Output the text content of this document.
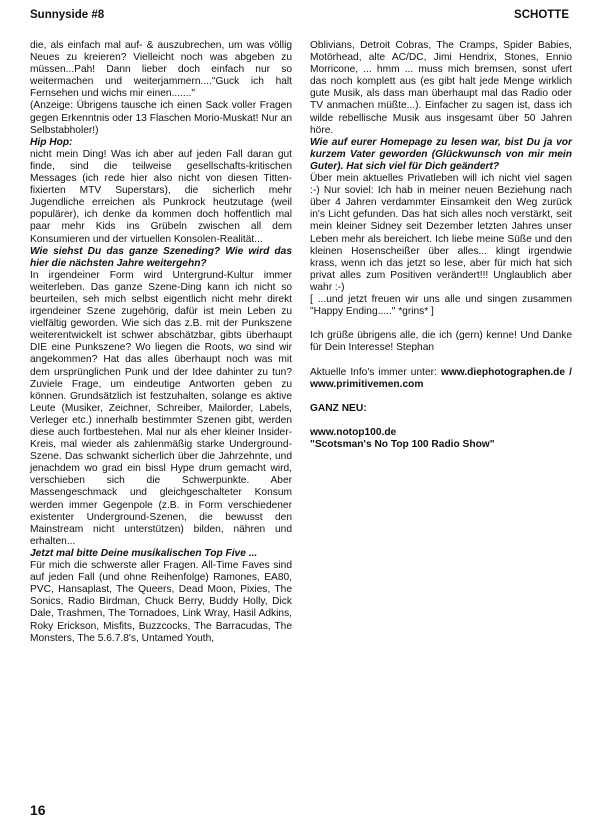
Sunnyside #8	SCHOTTE

die, als einfach mal auf- & auszubrechen, um was völlig Neues zu kreieren? Vielleicht noch was abgeben zu müssen...Pah! Dann lieber doch einfach nur so weitermachen und weiterjammern...."Guck ich halt Fernsehen und wichs mir einen......."

(Anzeige: Übrigens tausche ich einen Sack voller Fragen gegen Erkenntnis oder 13 Flaschen Morio-Muskat! Nur an Selbstabholer!)

Hip Hop:

nicht mein Ding! Was ich aber auf jeden Fall daran gut finde, sind die teilweise gesellschafts-kritischen Messages (ich rede hier also nicht von diesen Titten-fixierten MTV Superstars), die sicherlich mehr Jugendliche erreichen als Punkrock heutzutage (weil populärer), ich denke da kommen doch hoffentlich mal paar mehr Kids ins Grübeln zwischen all dem Konsumieren und der virtuellen Konsolen-Realität...

Wie siehst Du das ganze Szeneding? Wie wird das hier die nächsten Jahre weitergehn?

In irgendeiner Form wird Untergrund-Kultur immer weiterleben. Das ganze Szene-Ding kann ich nicht so beurteilen, seh mich selbst eigentlich nicht mehr direkt irgendeiner Szene zugehörig, dafür ist mein Leben zu vielfältig geworden. Wie sich das z.B. mit der Punkszene weiterentwickelt ist schwer abschätzbar, gibts überhaupt DIE eine Punkszene? Wo liegen die Roots, wo sind wir angekommen? Hat das alles überhaupt noch was mit dem ursprünglichen Punk und der Idee dahinter zu tun? Zuviele Frage, um eindeutige Antworten geben zu können. Grundsätzlich ist festzuhalten, solange es aktive Leute (Musiker, Zeichner, Schreiber, Mailorder, Labels, Verleger etc.) innerhalb bestimmter Szenen gibt, werden diese auch fortbestehen. Mal nur als eher kleiner Insider-Kreis, mal wieder als zahlenmäßig starke Underground-Szene. Das schwankt sicherlich über die Jahrzehnte, und jenachdem wo grad ein bissl Hype drum gemacht wird, verschieben sich die Schwerpunkte. Aber Massengeschmack und gleichgeschalteter Konsum werden immer Gegenpole (z.B. in Form verschiedener existenter Underground-Szenen, die bewusst den Mainstream nicht unterstützen) bilden, nähren und erhalten...

Jetzt mal bitte Deine musikalischen Top Five ...

Für mich die schwerste aller Fragen. All-Time Faves sind auf jeden Fall (und ohne Reihenfolge) Ramones, EA80, PVC, Hansaplast, The Queers, Dead Moon, Pixies, The Sonics, Radio Birdman, Chuck Berry, Buddy Holly, Dick Dale, Trashmen, The Tornadoes, Link Wray, Hasil Adkins, Roky Erickson, Misfits, Buzzcocks, The Barracudas, The Monsters, The 5.6.7.8's, Untamed Youth,

Oblivians, Detroit Cobras, The Cramps, Spider Babies, Motörhead, alte AC/DC, Jimi Hendrix, Stones, Ennio Morricone, ... hmm ... muss mich bremsen, sonst ufert das noch komplett aus (es gibt halt jede Menge wirklich gute Musik, als dass man überhaupt mal das Radio oder TV anmachen müßte...). Einfacher zu sagen ist, dass ich wilde rebellische Musik aus insgesamt über 50 Jahren höre.

Wie auf eurer Homepage zu lesen war, bist Du ja vor kurzem Vater geworden (Glückwunsch von mir mein Guter). Hat sich viel für Dich geändert?

Über mein aktuelles Privatleben will ich nicht viel sagen :-) Nur soviel: Ich hab in meiner neuen Beziehung nach über 4 Jahren verdammter Einsamkeit den Weg zurück in's Licht gefunden. Das hat sich alles noch verstärkt, seit mein kleiner Sidney seit Dezember letzten Jahres unser Leben mehr als bereichert. Ich liebe meine Süße und den kleinen Hosenscheißer über alles... klingt irgendwie krass, wenn ich das jetzt so lese, aber für mich hat sich privat alles zum Positiven verändert!!! Unglaublich aber wahr :-)

[ ...und jetzt freuen wir uns alle und singen zusammen "Happy Ending....." *grins* ]

Ich grüße übrigens alle, die ich (gern) kenne! Und Danke für Dein Interesse! Stephan

Aktuelle Info's immer unter: www.diephotographen.de / www.primitivemen.com

GANZ NEU:

www.notop100.de

"Scotsman's No Top 100 Radio Show"

16
